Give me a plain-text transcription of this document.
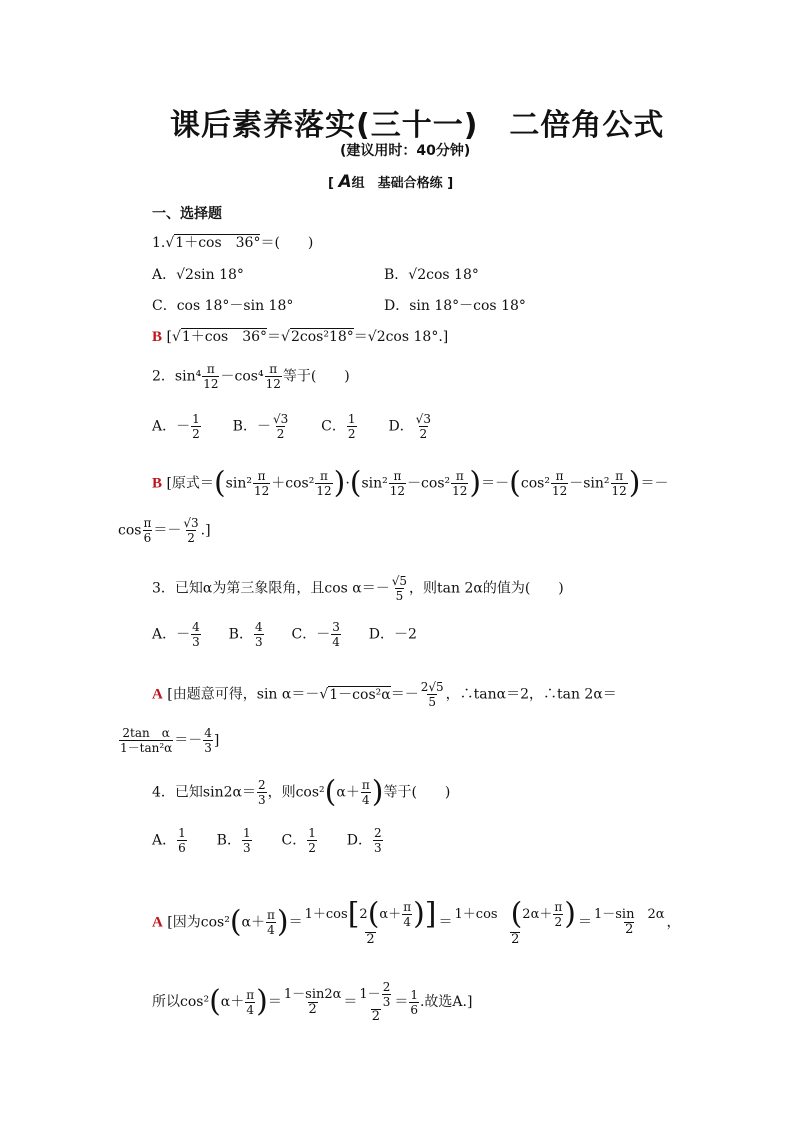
课后素养落实(三十一)　二倍角公式
(建议用时：40分钟)
[ A组　基础合格练 ]
一、选择题
1.√1＋cos　36°＝(　　)
A．√2sin 18°	B．√2cos 18°
C．cos 18°－sin 18°	D．sin 18°－cos 18°
B [√1＋cos　36°＝√2cos²18°＝√2cos 18°.]
2．$\sin^4 \frac{\pi}{12} -\cos^4 \frac{\pi}{12}$ 等于(　　)
A．－ $\frac{1}{2}$ B．－ $\frac{√3}{2}$ C． $\frac{1}{2}$ D． $\frac{√3}{2}$
B [原式$=(\sin^2 \frac{\pi}{12} +\cos^2 \frac{\pi}{12} )\cdot(\sin^2 \frac{\pi}{12} -\cos^2 \frac{\pi}{12} )=-(\cos^2 \frac{\pi}{12} -\sin^2 \frac{\pi}{12}$ )＝－
$\cos \frac{\pi}{6} =- \frac{√3}{2}$ .]
3．已知α为第三象限角，且$\cos \alpha=- \frac{√5}{5}$ ，则tan 2α的值为(　　)
A．－ $\frac{4}{3}$ B． $\frac{4}{3}$ C．－ $\frac{3}{4}$ D．－2
A [由题意可得，$\sin \alpha=-√1-\cos^2\alpha=- \frac{2√5}{5}$ ，∴tanα＝2，∴tan 2α＝
$\frac{\text{2tan　α}}{\text{1－tan²α}} =- \frac{4}{3}$ ]
4．已知$\sin 2\alpha= \frac{2}{3}$ ，则$\cos^2(\alpha+ \frac{\pi}{4}$ )等于(　　)
A． $\frac{1}{6}$ B． $\frac{1}{3}$ C． $\frac{1}{2}$ D． $\frac{2}{3}$
A [因为$\cos^2(\alpha+ \frac{\pi}{4}$ )＝ $\frac{1+\cos[2(\alpha+ \frac{\pi}{4} )]}{2} = \frac{1+\cos (2\alpha+ \frac{\pi}{2} )}{2} = \frac{1-\sin 2\alpha}{2}$ ，
所以$\cos^2(\alpha+ \frac{\pi}{4}$ )＝ $\frac{1-\sin 2\alpha}{2} = \frac{1- \frac{2}{3}}{2} = \frac{1}{6}$ .故选A.]
